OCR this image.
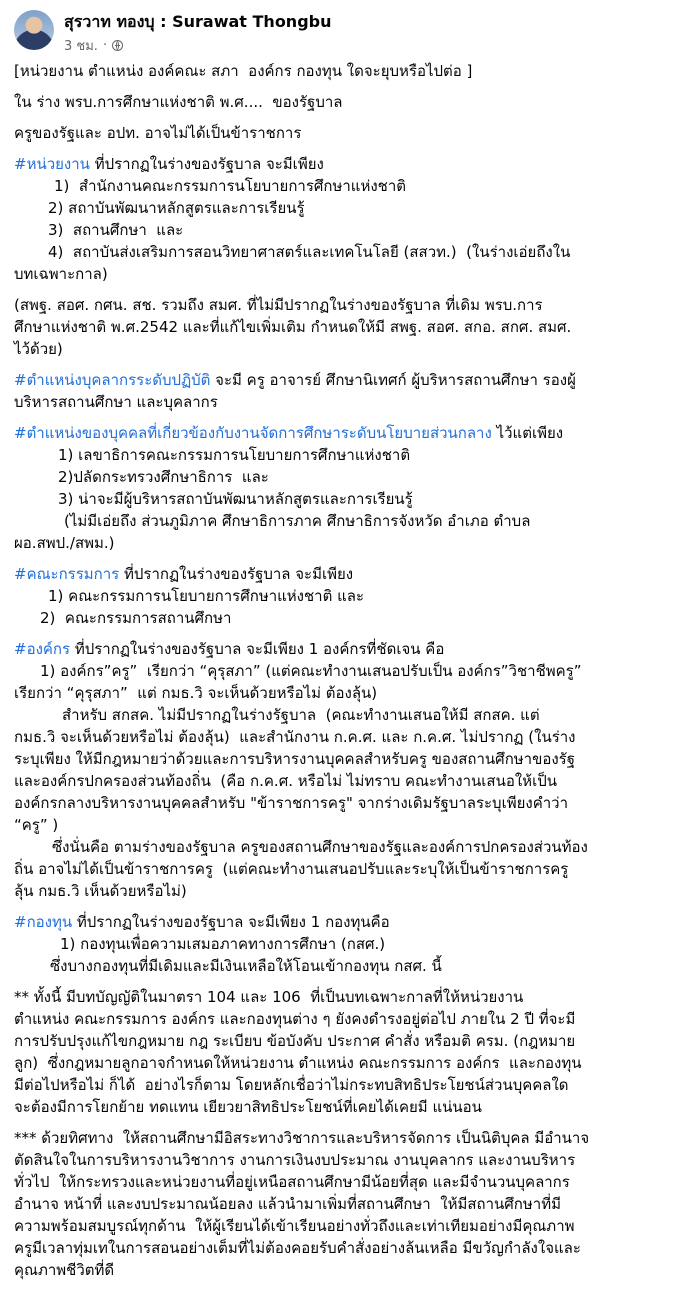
สุรวาท ทองบุ : Surawat Thongbu
3 ชม. ·
[หน่วยงาน ตำแหน่ง องค์คณะ สภา  องค์กร กองทุน ใดจะยุบหรือไปต่อ ]
ใน ร่าง พรบ.การศึกษาแห่งชาติ พ.ศ....  ของรัฐบาล
ครูของรัฐและ อปท. อาจไม่ได้เป็นข้าราชการ
#หน่วยงาน ที่ปรากฏในร่างของรัฐบาล จะมีเพียง
1)  สำนักงานคณะกรรมการนโยบายการศึกษาแห่งชาติ
2) สถาบันพัฒนาหลักสูตรและการเรียนรู้
3)  สถานศึกษา  และ
4)  สถาบันส่งเสริมการสอนวิทยาศาสตร์และเทคโนโลยี (สสวท.)  (ในร่างเอ่ยถึงใน
บทเฉพาะกาล)
(สพฐ. สอศ. กศน. สช. รวมถึง สมศ. ที่ไม่มีปรากฏในร่างของรัฐบาล ที่เดิม พรบ.การ
ศึกษาแห่งชาติ พ.ศ.2542 และที่แก้ไขเพิ่มเติม กำหนดให้มี สพฐ. สอศ. สกอ. สกศ. สมศ.
ไว้ด้วย)
#ตำแหน่งบุคลากรระดับปฏิบัติ จะมี ครู อาจารย์ ศึกษานิเทศก์ ผู้บริหารสถานศึกษา รองผู้
บริหารสถานศึกษา และบุคลากร
#ตำแหน่งของบุคคลที่เกี่ยวข้องกับงานจัดการศึกษาระดับนโยบายส่วนกลาง ไว้แต่เพียง
1) เลขาธิการคณะกรรมการนโยบายการศึกษาแห่งชาติ
2)ปลัดกระทรวงศึกษาธิการ  และ
3) น่าจะมีผู้บริหารสถาบันพัฒนาหลักสูตรและการเรียนรู้
(ไม่มีเอ่ยถึง ส่วนภูมิภาค ศึกษาธิการภาค ศึกษาธิการจังหวัด อำเภอ ตำบล
ผอ.สพป./สพม.)
#คณะกรรมการ ที่ปรากฏในร่างของรัฐบาล จะมีเพียง
1) คณะกรรมการนโยบายการศึกษาแห่งชาติ และ
2)  คณะกรรมการสถานศึกษา
#องค์กร ที่ปรากฏในร่างของรัฐบาล จะมีเพียง 1 องค์กรที่ชัดเจน คือ
1) องค์กร”ครู”  เรียกว่า “คุรุสภา” (แต่คณะทำงานเสนอปรับเป็น องค์กร”วิชาชีพครู”
เรียกว่า “คุรุสภา”  แต่ กมธ.วิ จะเห็นด้วยหรือไม่ ต้องลุ้น)
สำหรับ สกสค. ไม่มีปรากฏในร่างรัฐบาล  (คณะทำงานเสนอให้มี สกสค. แต่
กมธ.วิ จะเห็นด้วยหรือไม่ ต้องลุ้น)  และสำนักงาน ก.ค.ศ. และ ก.ค.ศ. ไม่ปรากฏ (ในร่าง
ระบุเพียง ให้มีกฎหมายว่าด้วยและการบริหารงานบุคคลสำหรับครู ของสถานศึกษาของรัฐ
และองค์กรปกครองส่วนท้องถิ่น  (คือ ก.ค.ศ. หรือไม่ ไม่ทราบ คณะทำงานเสนอให้เป็น
องค์กรกลางบริหารงานบุคคลสำหรับ "ข้าราชการครู" จากร่างเดิมรัฐบาลระบุเพียงคำว่า
“ครู” )
ซึ่งนั่นคือ ตามร่างของรัฐบาล ครูของสถานศึกษาของรัฐและองค์การปกครองส่วนท้อง
ถิ่น อาจไม่ได้เป็นข้าราชการครู  (แต่คณะทำงานเสนอปรับและระบุให้เป็นข้าราชการครู
ลุ้น กมธ.วิ เห็นด้วยหรือไม่)
#กองทุน ที่ปรากฏในร่างของรัฐบาล จะมีเพียง 1 กองทุนคือ
1) กองทุนเพื่อความเสมอภาคทางการศึกษา (กสศ.)
ซึ่งบางกองทุนที่มีเดิมและมีเงินเหลือให้โอนเข้ากองทุน กสศ. นี้
** ทั้งนี้ มีบทบัญญัติในมาตรา 104 และ 106  ที่เป็นบทเฉพาะกาลที่ให้หน่วยงาน
ตำแหน่ง คณะกรรมการ องค์กร และกองทุนต่าง ๆ ยังคงดำรงอยู่ต่อไป ภายใน 2 ปี ที่จะมี
การปรับปรุงแก้ไขกฎหมาย กฎ ระเบียบ ข้อบังคับ ประกาศ คำสั่ง หรือมติ ครม. (กฎหมาย
ลูก)  ซึ่งกฎหมายลูกอาจกำหนดให้หน่วยงาน ตำแหน่ง คณะกรรมการ องค์กร  และกองทุน
มีต่อไปหรือไม่ ก็ได้  อย่างไรก็ตาม โดยหลักเชื่อว่าไม่กระทบสิทธิประโยชน์ส่วนบุคคลใด
จะต้องมีการโยกย้าย ทดแทน เยียวยาสิทธิประโยชน์ที่เคยได้เคยมี แน่นอน
*** ด้วยทิศทาง  ให้สถานศึกษามีอิสระทางวิชาการและบริหารจัดการ เป็นนิติบุคล มีอำนาจ
ตัดสินใจในการบริหารงานวิชาการ งานการเงินงบประมาณ งานบุคลากร และงานบริหาร
ทั่วไป  ให้กระทรวงและหน่วยงานที่อยู่เหนือสถานศึกษามีน้อยที่สุด และมีจำนวนบุคลากร
อำนาจ หน้าที่ และงบประมาณน้อยลง แล้วนำมาเพิ่มที่สถานศึกษา  ให้มีสถานศึกษาที่มี
ความพร้อมสมบูรณ์ทุกด้าน  ให้ผู้เรียนได้เข้าเรียนอย่างทั่วถึงและเท่าเทียมอย่างมีคุณภาพ
ครูมีเวลาทุ่มเทในการสอนอย่างเต็มที่ไม่ต้องคอยรับคำสั่งอย่างล้นเหลือ มีขวัญกำลังใจและ
คุณภาพชีวิตที่ดี
